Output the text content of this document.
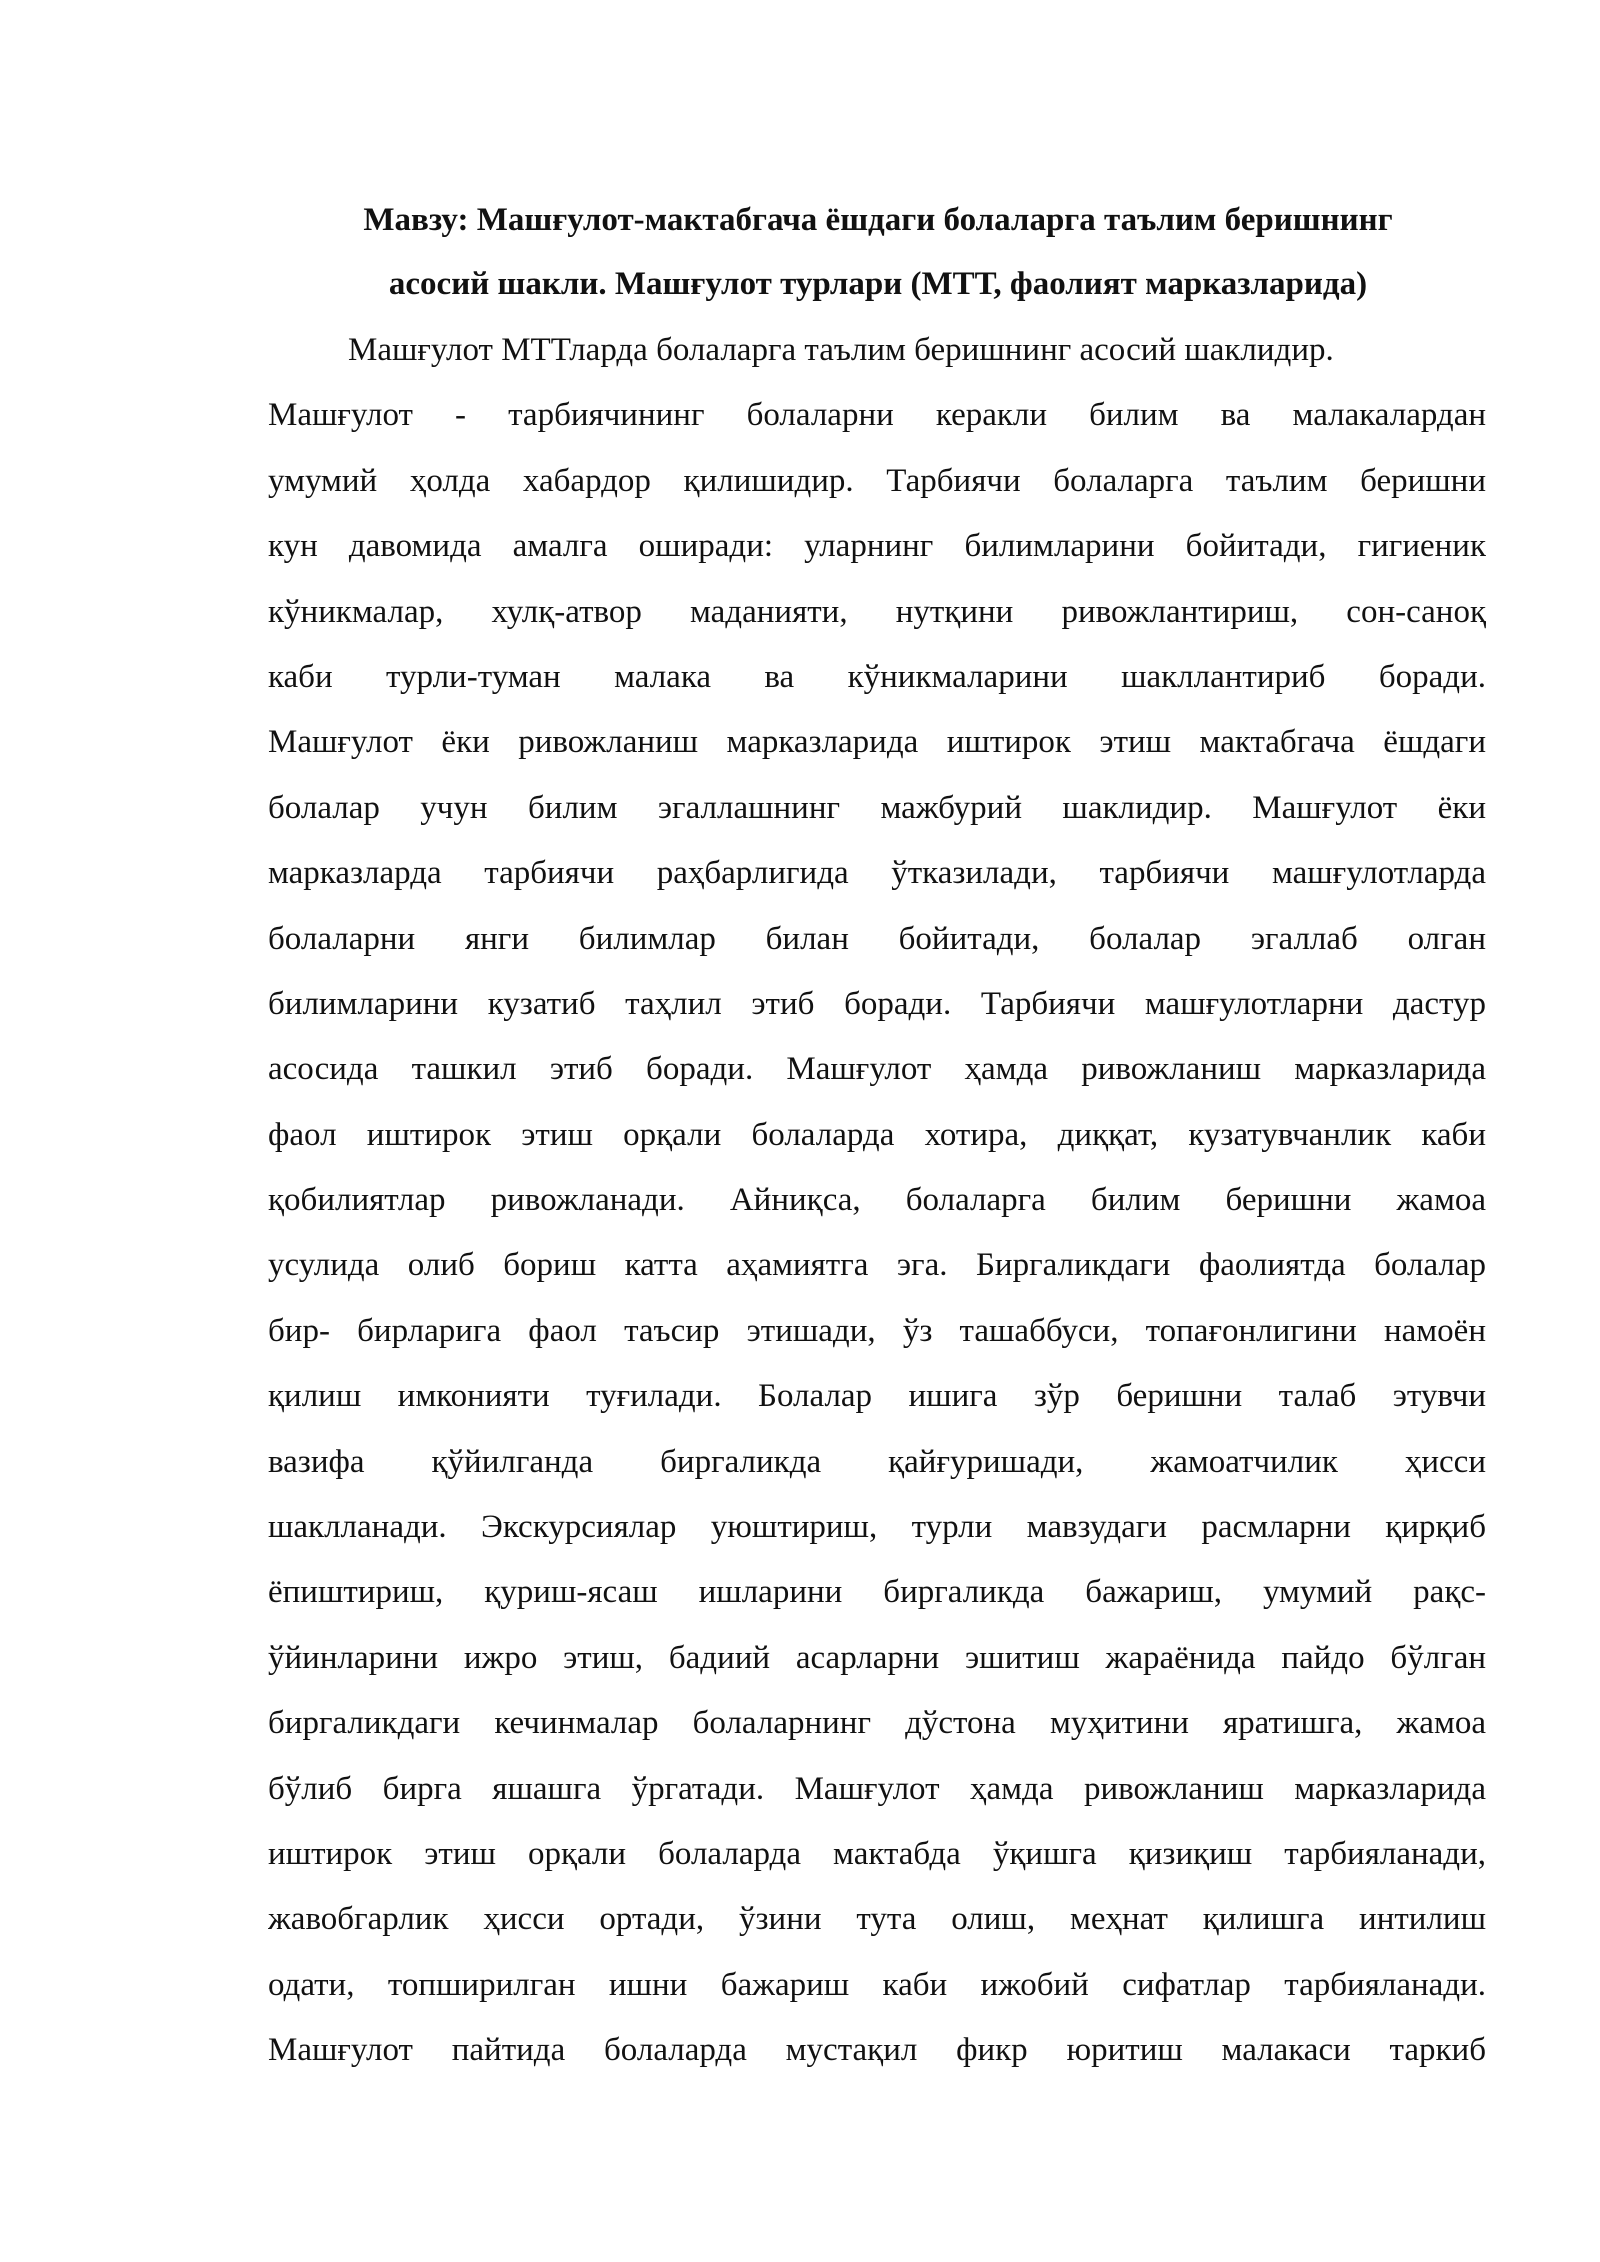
Мавзу: Машғулот-мактабгача ёшдаги болаларга таълим беришнинг
асосий шакли. Машғулот турлари (МТТ, фаолият марказларида)
Машғулот МТТларда болаларга таълим беришнинг асосий шаклидир.
Машғулот - тарбиячининг болаларни керакли билим ва малакалардан
умумий ҳолда хабардор қилишидир. Тарбиячи болаларга таълим беришни
кун давомида амалга оширади: уларнинг билимларини бойитади, гигиеник
кўникмалар, хулқ-атвор маданияти, нутқини ривожлантириш, сон-саноқ
каби турли-туман малака ва кўникмаларини шакллантириб боради.
Машғулот ёки ривожланиш марказларида иштирок этиш мактабгача ёшдаги
болалар учун билим эгаллашнинг мажбурий шаклидир. Машғулот ёки
марказларда тарбиячи раҳбарлигида ўтказилади, тарбиячи машғулотларда
болаларни янги билимлар билан бойитади, болалар эгаллаб олган
билимларини кузатиб таҳлил этиб боради. Тарбиячи машғулотларни дастур
асосида ташкил этиб боради. Машғулот ҳамда ривожланиш марказларида
фаол иштирок этиш орқали болаларда хотира, диққат, кузатувчанлик каби
қобилиятлар ривожланади. Айниқса, болаларга билим беришни жамоа
усулида олиб бориш катта аҳамиятга эга. Биргаликдаги фаолиятда болалар
бир- бирларига фаол таъсир этишади, ўз ташаббуси, топағонлигини намоён
қилиш имконияти туғилади. Болалар ишига зўр беришни талаб этувчи
вазифа қўйилганда биргаликда қайғуришади, жамоатчилик ҳисси
шаклланади. Экскурсиялар уюштириш, турли мавзудаги расмларни қирқиб
ёпиштириш, қуриш-ясаш ишларини биргаликда бажариш, умумий рақс-
ўйинларини ижро этиш, бадиий асарларни эшитиш жараёнида пайдо бўлган
биргаликдаги кечинмалар болаларнинг дўстона муҳитини яратишга, жамоа
бўлиб бирга яшашга ўргатади. Машғулот ҳамда ривожланиш марказларида
иштирок этиш орқали болаларда мактабда ўқишга қизиқиш тарбияланади,
жавобгарлик ҳисси ортади, ўзини тута олиш, меҳнат қилишга интилиш
одати, топширилган ишни бажариш каби ижобий сифатлар тарбияланади.
Машғулот пайтида болаларда мустақил фикр юритиш малакаси таркиб
